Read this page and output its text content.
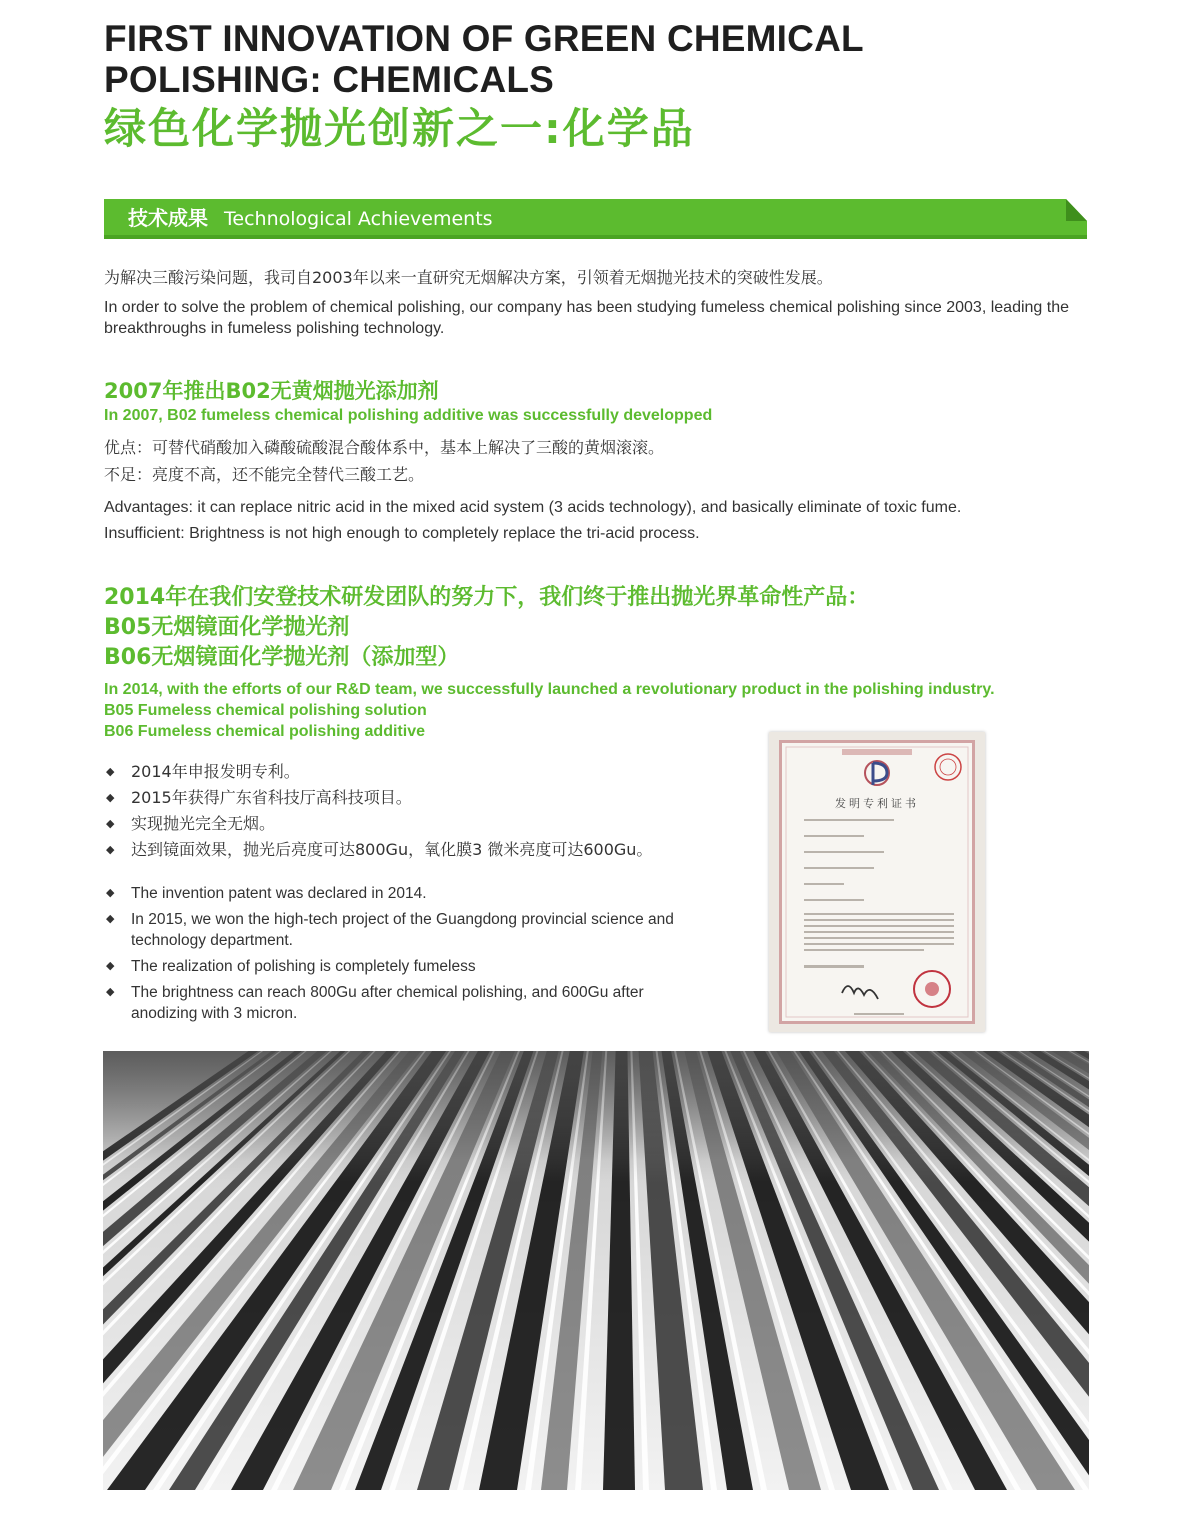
FIRST INNOVATION OF GREEN CHEMICAL POLISHING: CHEMICALS
绿色化学抛光创新之一:化学品
技术成果 Technological Achievements
为解决三酸污染问题，我司自2003年以来一直研究无烟解决方案，引领着无烟抛光技术的突破性发展。
In order to solve the problem of chemical polishing, our company has been studying fumeless chemical polishing since 2003, leading the breakthroughs in fumeless polishing technology.
2007年推出B02无黄烟抛光添加剂
In 2007, B02 fumeless chemical polishing additive was successfully developped
优点：可替代硝酸加入磷酸硫酸混合酸体系中，基本上解决了三酸的黄烟滚滚。
不足：亮度不高，还不能完全替代三酸工艺。
Advantages: it can replace nitric acid in the mixed acid system (3 acids technology), and basically eliminate of toxic fume.
Insufficient: Brightness is not high enough to completely replace the tri-acid process.
2014年在我们安登技术研发团队的努力下，我们终于推出抛光界革命性产品：
B05无烟镜面化学抛光剂
B06无烟镜面化学抛光剂（添加型）
In 2014, with the efforts of our R&D team, we successfully launched a revolutionary product in the polishing industry.
B05 Fumeless chemical polishing solution
B06 Fumeless chemical polishing additive
◆ 2014年申报发明专利。
◆ 2015年获得广东省科技厅高科技项目。
◆ 实现抛光完全无烟。
◆ 达到镜面效果，抛光后亮度可达800Gu，氧化膜3 微米亮度可达600Gu。
◆ The invention patent was declared in 2014.
◆ In 2015, we won the high-tech project of the Guangdong provincial science and technology department.
◆ The realization of polishing is completely fumeless
◆ The brightness can reach 800Gu after chemical polishing, and 600Gu after anodizing with 3 micron.
发明专利证书
